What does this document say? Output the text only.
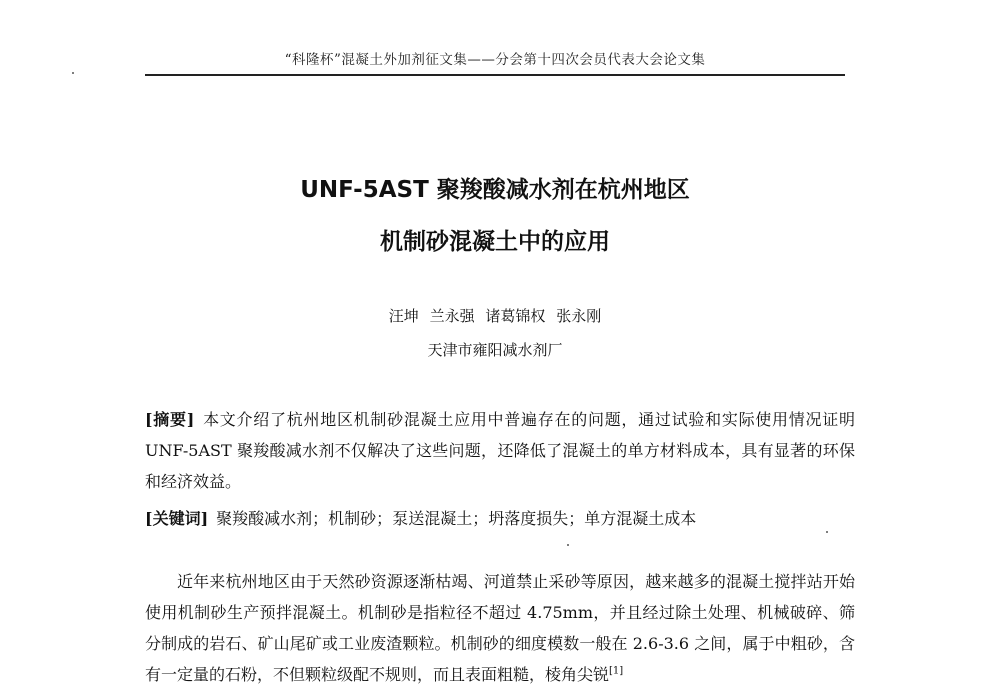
“科隆杯”混凝土外加剂征文集——分会第十四次会员代表大会论文集
UNF-5AST 聚羧酸减水剂在杭州地区
机制砂混凝土中的应用
汪坤 兰永强 诸葛锦权 张永刚
天津市雍阳减水剂厂
[摘要] 本文介绍了杭州地区机制砂混凝土应用中普遍存在的问题，通过试验和实际使用情况证明 UNF-5AST 聚羧酸减水剂不仅解决了这些问题，还降低了混凝土的单方材料成本，具有显著的环保和经济效益。
[关键词] 聚羧酸减水剂；机制砂；泵送混凝土；坍落度损失；单方混凝土成本
近年来杭州地区由于天然砂资源逐渐枯竭、河道禁止采砂等原因，越来越多的混凝土搅拌站开始使用机制砂生产预拌混凝土。机制砂是指粒径不超过 4.75mm，并且经过除土处理、机械破碎、筛分制成的岩石、矿山尾矿或工业废渣颗粒。机制砂的细度模数一般在 2.6-3.6 之间，属于中粗砂，含有一定量的石粉，不但颗粒级配不规则，而且表面粗糙，棱角尖锐[1]
